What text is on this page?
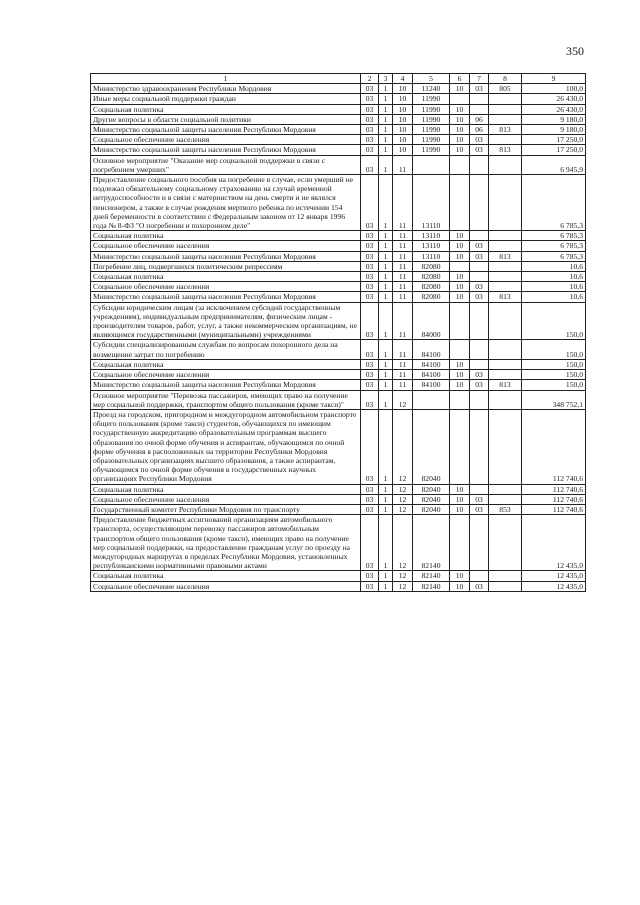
350
1	2	3	4	5	6	7	8	9
Министерство здравоохранения Республики Мордовия	03	1	10	11240	10	03	805	100,0
Иные меры социальной поддержки граждан	03	1	10	11990				26 430,0
Социальная политика	03	1	10	11990	10			26 430,0
Другие вопросы в области социальной политики	03	1	10	11990	10	06		9 180,0
Министерство социальной защиты населения Республики Мордовия	03	1	10	11990	10	06	813	9 180,0
Социальное обеспечение населения	03	1	10	11990	10	03		17 250,0
Министерство социальной защиты населения Республики Мордовия	03	1	10	11990	10	03	813	17 250,0
Основное мероприятие "Оказание мер социальной поддержки в связи с погребением умерших"	03	1	11					6 945,9
Предоставление социального пособия на погребение в случае, если умерший не подлежал обязательному социальному страхованию на случай временной нетрудоспособности и в связи с материнством на день смерти и не являлся пенсионером, а также в случае рождения мертвого ребенка по истечении 154 дней беременности в соответствии с Федеральным законом от 12 января 1996 года № 8-ФЗ "О погребении и похоронном деле"	03	1	11	13110				6 785,3
Социальная политика	03	1	11	13110	10			6 785,3
Социальное обеспечение населения	03	1	11	13110	10	03		6 785,3
Министерство социальной защиты населения Республики Мордовия	03	1	11	13110	10	03	813	6 785,3
Погребение лиц, подвергшихся политическим репрессиям	03	1	11	82080				10,6
Социальная политика	03	1	11	82080	10			10,6
Социальное обеспечение населения	03	1	11	82080	10	03		10,6
Министерство социальной защиты населения Республики Мордовия	03	1	11	82080	10	03	813	10,6
Субсидии юридическим лицам (за исключением субсидий государственным учреждениям), индивидуальным предпринимателям, физическим лицам - производителям товаров, работ, услуг, а также некоммерческим организациям, не являющимся государственными (муниципальными) учреждениями	03	1	11	84000				150,0
Субсидии специализированным службам по вопросам похоронного дела на возмещение затрат по погребению	03	1	11	84100				150,0
Социальная политика	03	1	11	84100	10			150,0
Социальное обеспечение населения	03	1	11	84100	10	03		150,0
Министерство социальной защиты населения Республики Мордовия	03	1	11	84100	10	03	813	150,0
Основное мероприятие "Перевозка пассажиров, имеющих право на получение мер социальной поддержки, транспортом общего пользования (кроме такси)"	03	1	12					348 752,1
Проезд на городском, пригородном и междугородном автомобильном транспорте общего пользования (кроме такси) студентов, обучающихся по имеющим государственную аккредитацию образовательным программам высшего образования по очной форме обучения и аспирантам, обучающимся по очной форме обучения в расположенных на территории Республики Мордовия образовательных организациях высшего образования, а также аспирантам, обучающимся по очной форме обучения в государственных научных организациях Республики Мордовия	03	1	12	82040				112 740,6
Социальная политика	03	1	12	82040	10			112 740,6
Социальное обеспечение населения	03	1	12	82040	10	03		112 740,6
Государственный комитет Республики Мордовия по транспорту	03	1	12	82040	10	03	853	112 740,6
Предоставление бюджетных ассигнований организациям автомобильного транспорта, осуществляющим перевозку пассажиров автомобильным транспортом общего пользования (кроме такси), имеющих право на получение мер социальной поддержки, на предоставление гражданам услуг по проезду на междугородных маршрутах в пределах Республики Мордовия, установленных республиканскими нормативными правовыми актами	03	1	12	82140				12 435,0
Социальная политика	03	1	12	82140	10			12 435,0
Социальное обеспечение населения	03	1	12	82140	10	03		12 435,0
